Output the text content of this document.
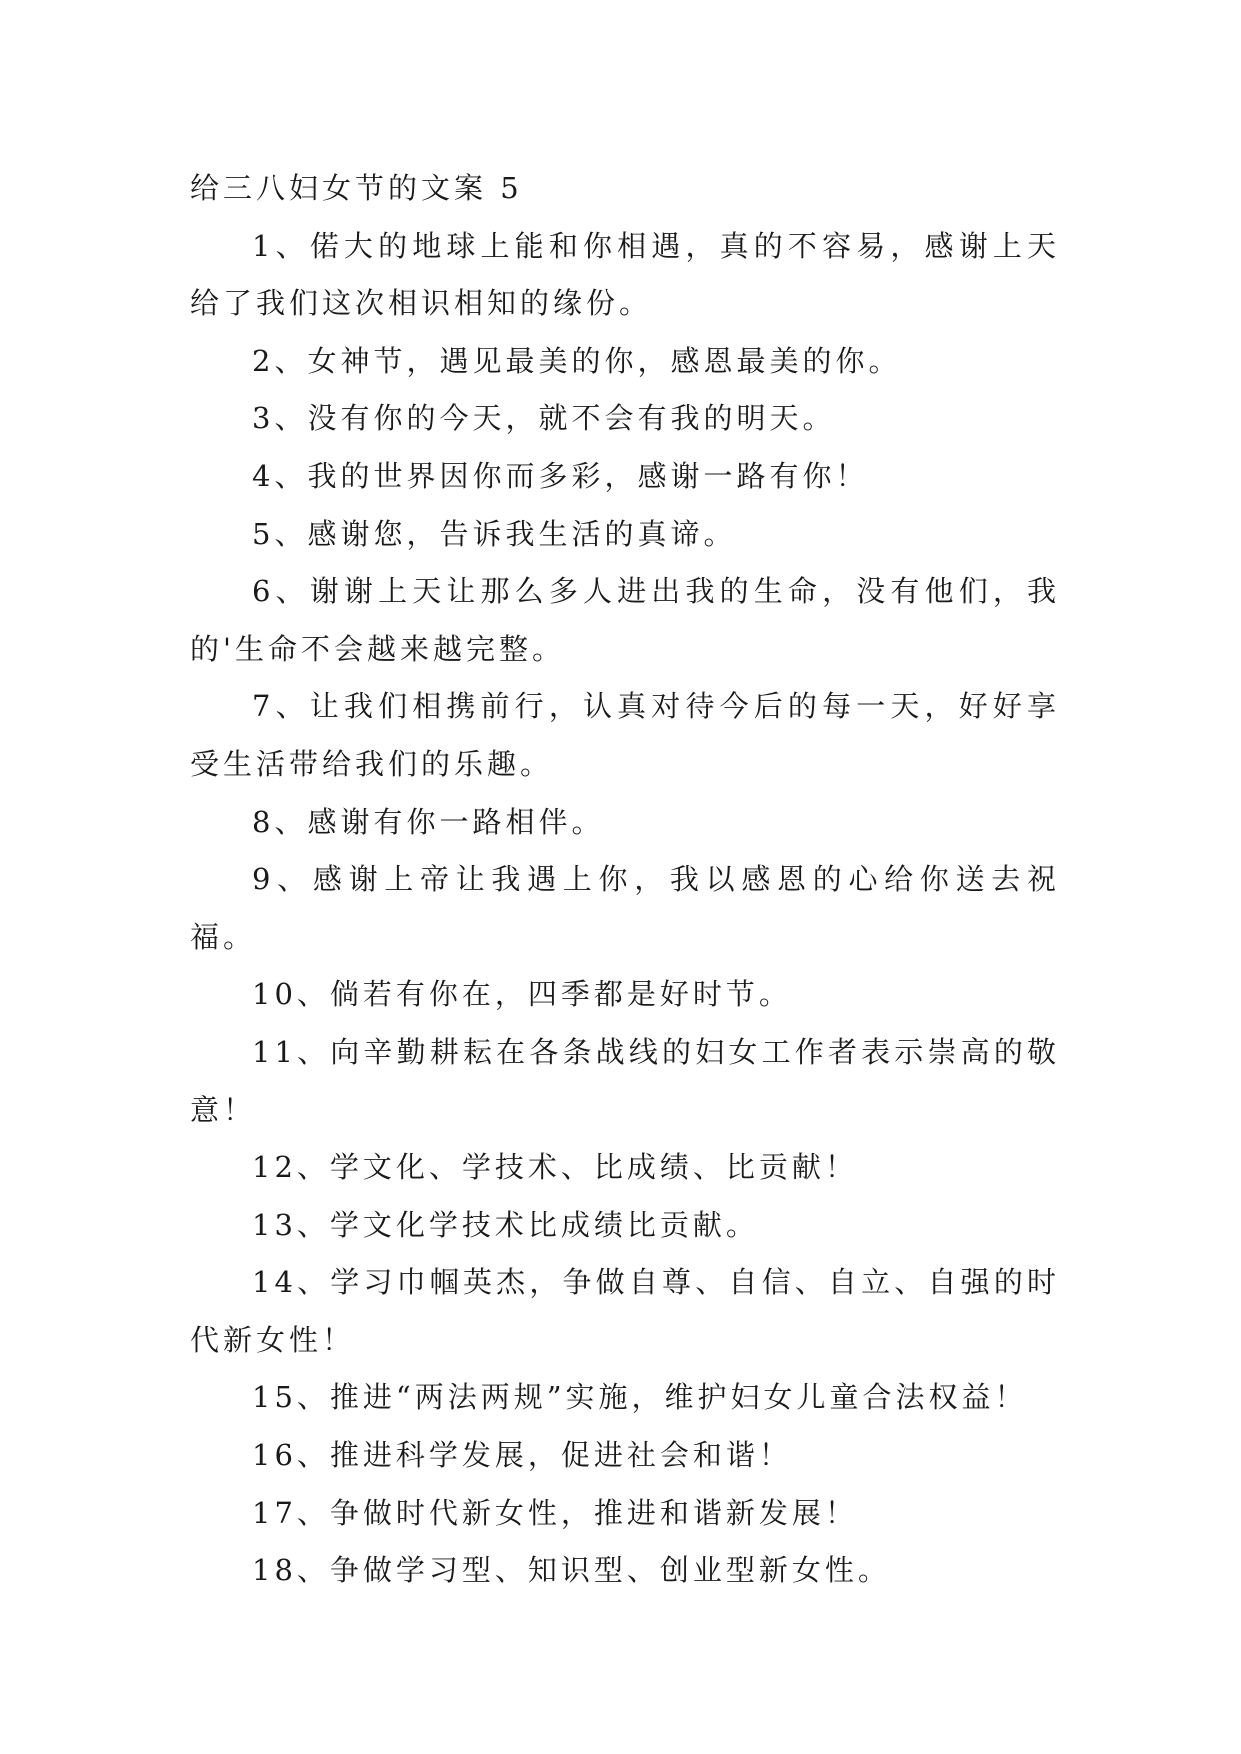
给三八妇女节的文案 5

1、偌大的地球上能和你相遇，真的不容易，感谢上天给了我们这次相识相知的缘份。

2、女神节，遇见最美的你，感恩最美的你。

3、没有你的今天，就不会有我的明天。

4、我的世界因你而多彩，感谢一路有你！

5、感谢您，告诉我生活的真谛。

6、谢谢上天让那么多人进出我的生命，没有他们，我的'生命不会越来越完整。

7、让我们相携前行，认真对待今后的每一天，好好享受生活带给我们的乐趣。

8、感谢有你一路相伴。

9、感谢上帝让我遇上你，我以感恩的心给你送去祝福。

10、倘若有你在，四季都是好时节。

11、向辛勤耕耘在各条战线的妇女工作者表示崇高的敬意！

12、学文化、学技术、比成绩、比贡献！

13、学文化学技术比成绩比贡献。

14、学习巾帼英杰，争做自尊、自信、自立、自强的时代新女性！

15、推进“两法两规”实施，维护妇女儿童合法权益！

16、推进科学发展，促进社会和谐！

17、争做时代新女性，推进和谐新发展！

18、争做学习型、知识型、创业型新女性。
